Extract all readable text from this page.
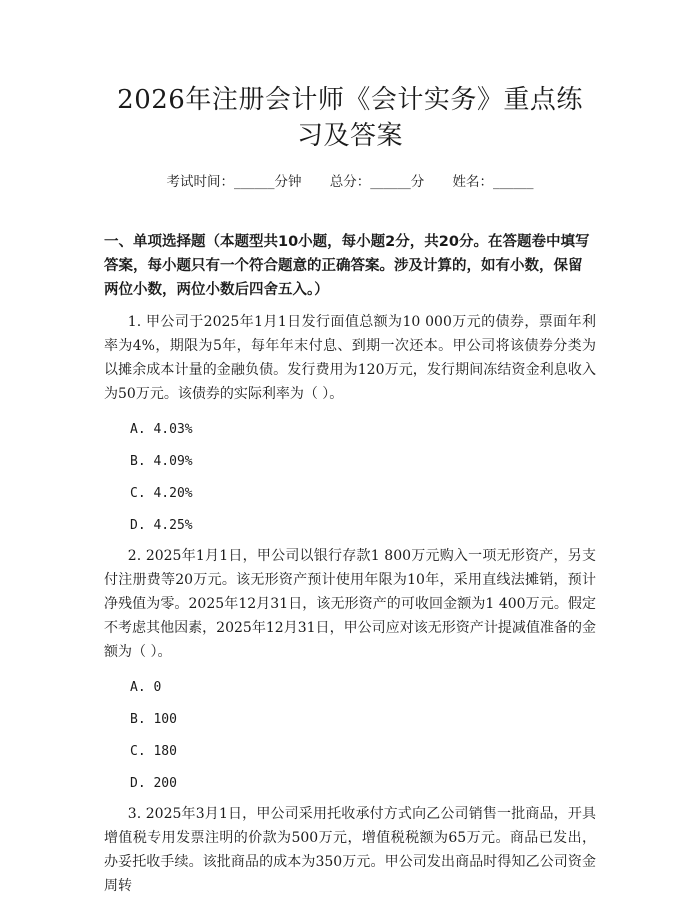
2026年注册会计师《会计实务》重点练习及答案
考试时间：______分钟 总分：______分 姓名：______

一、单项选择题（本题型共10小题，每小题2分，共20分。在答题卷中填写答案，每小题只有一个符合题意的正确答案。涉及计算的，如有小数，保留两位小数，两位小数后四舍五入。）

1. 甲公司于2025年1月1日发行面值总额为10 000万元的债券，票面年利率为4%，期限为5年，每年年末付息、到期一次还本。甲公司将该债券分类为以摊余成本计量的金融负债。发行费用为120万元，发行期间冻结资金利息收入为50万元。该债券的实际利率为（ ）。

A. 4.03%
B. 4.09%
C. 4.20%
D. 4.25%

2. 2025年1月1日，甲公司以银行存款1 800万元购入一项无形资产，另支付注册费等20万元。该无形资产预计使用年限为10年，采用直线法摊销，预计净残值为零。2025年12月31日，该无形资产的可收回金额为1 400万元。假定不考虑其他因素，2025年12月31日，甲公司应对该无形资产计提减值准备的金额为（ ）。

A. 0
B. 100
C. 180
D. 200

3. 2025年3月1日，甲公司采用托收承付方式向乙公司销售一批商品，开具增值税专用发票注明的价款为500万元，增值税税额为65万元。商品已发出，办妥托收手续。该批商品的成本为350万元。甲公司发出商品时得知乙公司资金周转
